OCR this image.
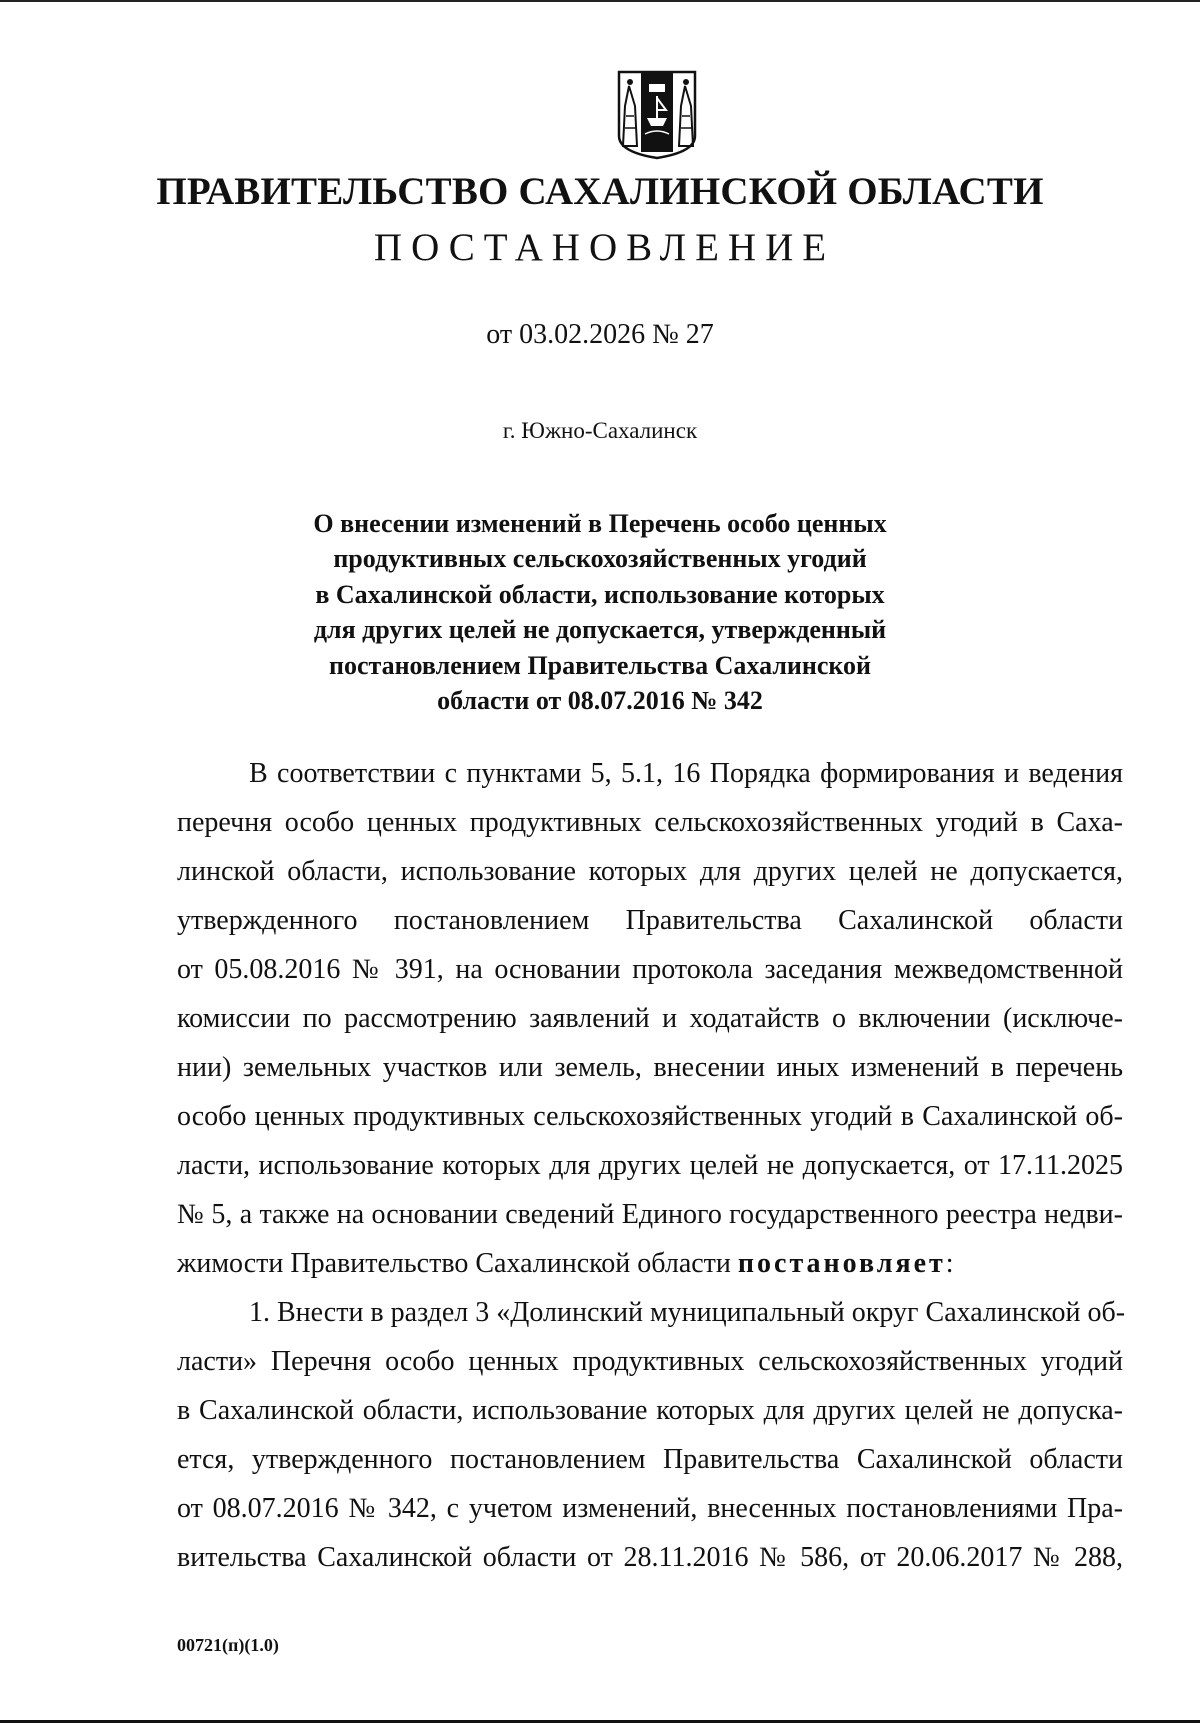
ПРАВИТЕЛЬСТВО САХАЛИНСКОЙ ОБЛАСТИ
ПОСТАНОВЛЕНИЕ
от 03.02.2026 № 27
г. Южно-Сахалинск
О внесении изменений в Перечень особо ценных
продуктивных сельскохозяйственных угодий
в Сахалинской области, использование которых
для других целей не допускается, утвержденный
постановлением Правительства Сахалинской
области от 08.07.2016 № 342
В соответствии с пунктами 5, 5.1, 16 Порядка формирования и ведения
перечня особо ценных продуктивных сельскохозяйственных угодий в Саха-
линской области, использование которых для других целей не допускается,
утвержденного постановлением Правительства Сахалинской области
от 05.08.2016 № 391, на основании протокола заседания межведомственной
комиссии по рассмотрению заявлений и ходатайств о включении (исключе-
нии) земельных участков или земель, внесении иных изменений в перечень
особо ценных продуктивных сельскохозяйственных угодий в Сахалинской об-
ласти, использование которых для других целей не допускается, от 17.11.2025
№ 5, а также на основании сведений Единого государственного реестра недви-
жимости Правительство Сахалинской области постановляет:
1. Внести в раздел 3 «Долинский муниципальный округ Сахалинской об-
ласти» Перечня особо ценных продуктивных сельскохозяйственных угодий
в Сахалинской области, использование которых для других целей не допуска-
ется, утвержденного постановлением Правительства Сахалинской области
от 08.07.2016 № 342, с учетом изменений, внесенных постановлениями Пра-
вительства Сахалинской области от 28.11.2016 № 586, от 20.06.2017 № 288,
00721(п)(1.0)
